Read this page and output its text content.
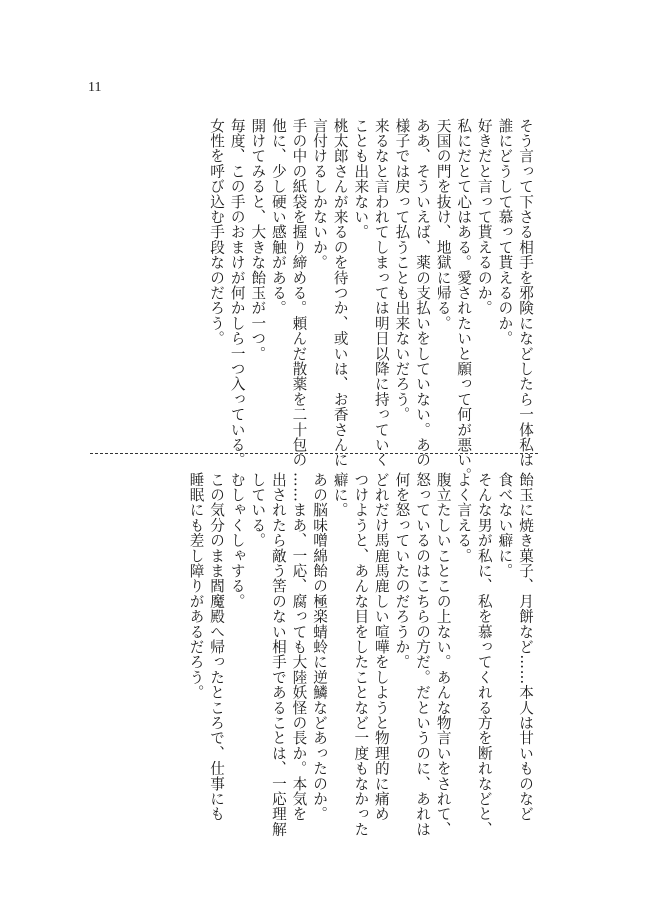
11
そう言って下さる相手を邪険になどしたら一体私は
誰にどうして慕って貰えるのか。
好きだと言って貰えるのか。
私にだとて心はある。愛されたいと願って何が悪い。
天国の門を抜け、地獄に帰る。
ああ、そういえば、薬の支払いをしていない。あの
様子では戻って払うことも出来ないだろう。
来るなと言われてしまっては明日以降に持っていく
ことも出来ない。
桃太郎さんが来るのを待つか、或いは、お香さんに
言付けるしかないか。
手の中の紙袋を握り締める。頼んだ散薬を二十包の
他に、少し硬い感触がある。
開けてみると、大きな飴玉が一つ。
毎度、この手のおまけが何かしら一つ入っている。
女性を呼び込む手段なのだろう。
飴玉に焼き菓子、月餅など……本人は甘いものなど
食べない癖に。
そんな男が私に、私を慕ってくれる方を断れなどと、
よく言える。
腹立たしいことこの上ない。あんな物言いをされて、
怒っているのはこちらの方だ。だというのに、あれは
何を怒っていたのだろうか。
どれだけ馬鹿馬鹿しい喧嘩をしようと物理的に痛め
つけようと、あんな目をしたことなど一度もなかった
癖に。
あの脳味噌綿飴の極楽蜻蛉に逆鱗などあったのか。
……まあ、一応、腐っても大陸妖怪の長か。本気を
出されたら敵う筈のない相手であることは、一応理解
している。
むしゃくしゃする。
この気分のまま閻魔殿へ帰ったところで、仕事にも
睡眠にも差し障りがあるだろう。
